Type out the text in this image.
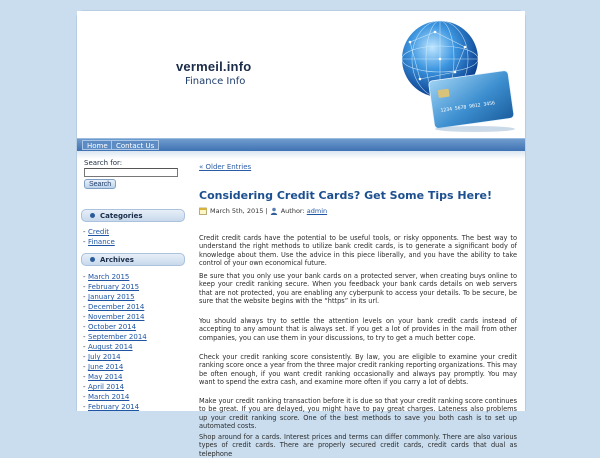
vermeil.info
Finance Info
1234 5678 9012 3456
Home	Contact Us
Search for:
Search
Categories
- Credit
- Finance
Archives
- March 2015
- February 2015
- January 2015
- December 2014
- November 2014
- October 2014
- September 2014
- August 2014
- July 2014
- June 2014
- May 2014
- April 2014
- March 2014
- February 2014
« Older Entries
Considering Credit Cards? Get Some Tips Here!
March 5th, 2015 | Author: admin

Credit credit cards have the potential to be useful tools, or risky opponents. The best way to understand the right methods to utilize bank credit cards, is to generate a significant body of knowledge about them. Use the advice in this piece liberally, and you have the ability to take control of your own economical future.

Be sure that you only use your bank cards on a protected server, when creating buys online to keep your credit ranking secure. When you feedback your bank cards details on web servers that are not protected, you are enabling any cyberpunk to access your details. To be secure, be sure that the website begins with the “https” in its url.

You should always try to settle the attention levels on your bank credit cards instead of accepting to any amount that is always set. If you get a lot of provides in the mail from other companies, you can use them in your discussions, to try to get a much better cope.

Check your credit ranking score consistently. By law, you are eligible to examine your credit ranking score once a year from the three major credit ranking reporting organizations. This may be often enough, if you want credit ranking occasionally and always pay promptly. You may want to spend the extra cash, and examine more often if you carry a lot of debts.

Make your credit ranking transaction before it is due so that your credit ranking score continues to be great. If you are delayed, you might have to pay great charges. Lateness also problems up your credit ranking score. One of the best methods to save you both cash is to set up automated costs.

Shop around for a cards. Interest prices and terms can differ commonly. There are also various types of credit cards. There are properly secured credit cards, credit cards that dual as telephone
